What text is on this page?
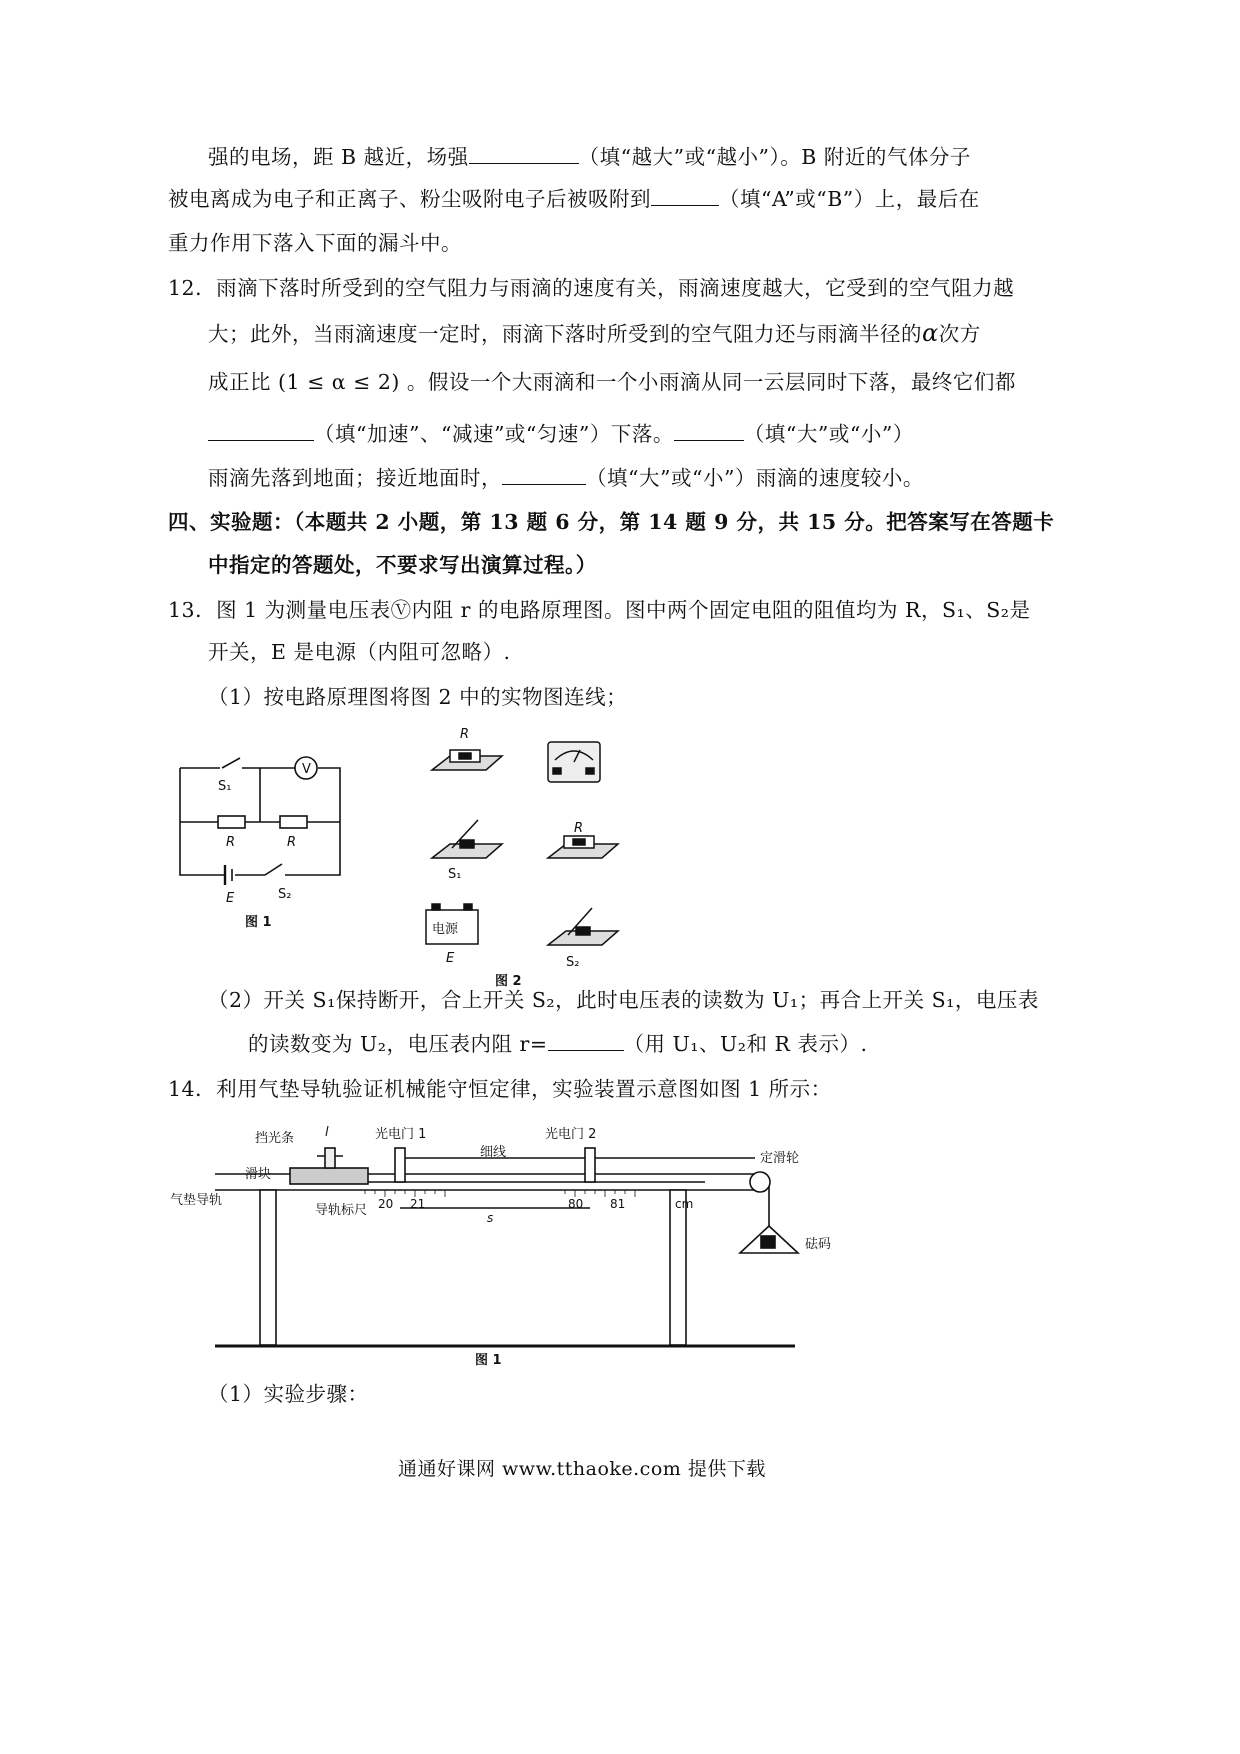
强的电场，距 B 越近，场强	（填“越大”或“越小”）。B 附近的气体分子
被电离成为电子和正离子、粉尘吸附电子后被吸附到	（填“A”或“B”）上，最后在
重力作用下落入下面的漏斗中。
12．雨滴下落时所受到的空气阻力与雨滴的速度有关，雨滴速度越大，它受到的空气阻力越
大；此外，当雨滴速度一定时，雨滴下落时所受到的空气阻力还与雨滴半径的α次方
成正比 (1 ≤ α ≤ 2) 。假设一个大雨滴和一个小雨滴从同一云层同时下落，最终它们都
（填“加速”、“减速”或“匀速”）下落。	（填“大”或“小”）
雨滴先落到地面；接近地面时，	（填“大”或“小”）雨滴的速度较小。
四、实验题：（本题共 2 小题，第 13 题 6 分，第 14 题 9 分，共 15 分。把答案写在答题卡
中指定的答题处，不要求写出演算过程。）
13．图 1 为测量电压表Ⓥ内阻 r 的电路原理图。图中两个固定电阻的阻值均为 R，S₁、S₂是
开关，E 是电源（内阻可忽略）.
（1）按电路原理图将图 2 中的实物图连线；
V
S₁
R	R
E	S₂
图 1
R
R
S₁
电源
E	S₂
图 2
（2）开关 S₁保持断开，合上开关 S₂，此时电压表的读数为 U₁；再合上开关 S₁，电压表
的读数变为 U₂，电压表内阻 r=	（用 U₁、U₂和 R 表示）.
14．利用气垫导轨验证机械能守恒定律，实验装置示意图如图 1 所示：
挡光条 l	光电门 1	光电门 2
细线	定滑轮
滑块
气垫导轨
导轨标尺 20 21	80 81	cm
s
砝码
图 1
（1）实验步骤：
通通好课网 www.tthaoke.com 提供下载
